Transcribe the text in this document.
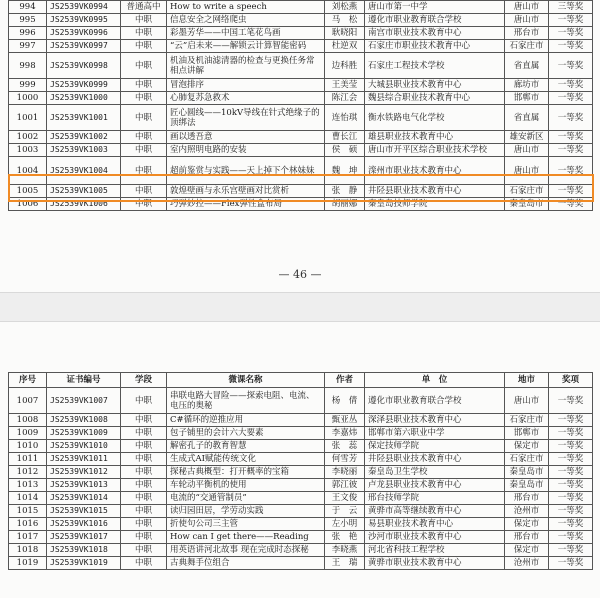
994	JS2539VK0994	普通高中	How to write a speech	刘松燕	唐山市第一中学	唐山市	三等奖
995	JS2539VK0995	中职	信息安全之网络爬虫	马　松	遵化市职业教育联合学校	唐山市	一等奖
996	JS2539VK0996	中职	彩墨芳华——中国工笔花鸟画	耿晓阳	南宫市职业技术教育中心	邢台市	一等奖
997	JS2539VK0997	中职	“云”启未来——解锁云计算智能密码	杜逆双	石家庄市职业技术教育中心	石家庄市	一等奖
998	JS2539VK0998	中职	机油及机油滤清器的检查与更换任务常相点讲解	边科胜	石家庄工程技术学校	省直属	一等奖
999	JS2539VK0999	中职	冒泡排序	王美莹	大城县职业技术教育中心	廊坊市	一等奖
1000	JS2539VK1000	中职	心肺复苏急救术	陈江会	魏县综合职业技术教育中心	邯郸市	一等奖
1001	JS2539VK1001	中职	匠心圆线——10kV导线在针式绝缘子的顶绑法	连怡琪	衡水铁路电气化学校	省直属	一等奖
1002	JS2539VK1002	中职	画以透吾意	曹长江	雄县职业技术教育中心	雄安新区	一等奖
1003	JS2539VK1003	中职	室内照明电路的安装	侯　硕	唐山市开平区综合职业技术学校	唐山市	一等奖
1004	JS2539VK1004	中职	超前鉴赏与实践——天上掉下个林妹妹	魏　坤	滦州市职业技术教育中心	唐山市	一等奖
1005	JS2539VK1005	中职	敦煌壁画与永乐宫壁画对比赏析	张　静	井陉县职业技术教育中心	石家庄市	一等奖
1006	JS2539VK1006	中职	巧弹妙控——Flex弹性盒布局	胡丽娜	秦皇岛技师学院	秦皇岛市	一等奖
— 46 —
序号	证书编号	学段	微课名称	作者	单　位	地市	奖项
1007	JS2539VK1007	中职	串联电路大冒险——探索电阻、电流、电压的奥秘	杨　倩	遵化市职业教育联合学校	唐山市	一等奖
1008	JS2539VK1008	中职	C#循环的逆推应用	甄亚丛	深泽县职业技术教育中心	石家庄市	一等奖
1009	JS2539VK1009	中职	包子铺里的会计六大要素	李嘉炜	邯郸市第六职业中学	邯郸市	一等奖
1010	JS2539VK1010	中职	解密孔子的教育智慧	张　蕊	保定技师学院	保定市	一等奖
1011	JS2539VK1011	中职	生成式AI赋能传统文化	何雪芳	井陉县职业技术教育中心	石家庄市	一等奖
1012	JS2539VK1012	中职	探秘古典概型：打开概率的宝箱	李晓丽	秦皇岛卫生学校	秦皇岛市	一等奖
1013	JS2539VK1013	中职	车轮动平衡机的使用	郭江彼	卢龙县职业技术教育中心	秦皇岛市	一等奖
1014	JS2539VK1014	中职	电流的“交通管制员”	王文俊	邢台技师学院	邢台市	一等奖
1015	JS2539VK1015	中职	读归园田居，学劳动实践	于　云	黄骅市高等继续教育中心	沧州市	一等奖
1016	JS2539VK1016	中职	折使句公司三主管	左小明	易县职业技术教育中心	保定市	一等奖
1017	JS2539VK1017	中职	How can I get there——Reading	张　艳	沙河市职业技术教育中心	邢台市	一等奖
1018	JS2539VK1018	中职	用英语讲河北故事 现在完成时态探秘	李晓燕	河北省科技工程学校	保定市	一等奖
1019	JS2539VK1019	中职	古典舞手位组合	王　瑞	黄骅市职业技术教育中心	沧州市	一等奖
